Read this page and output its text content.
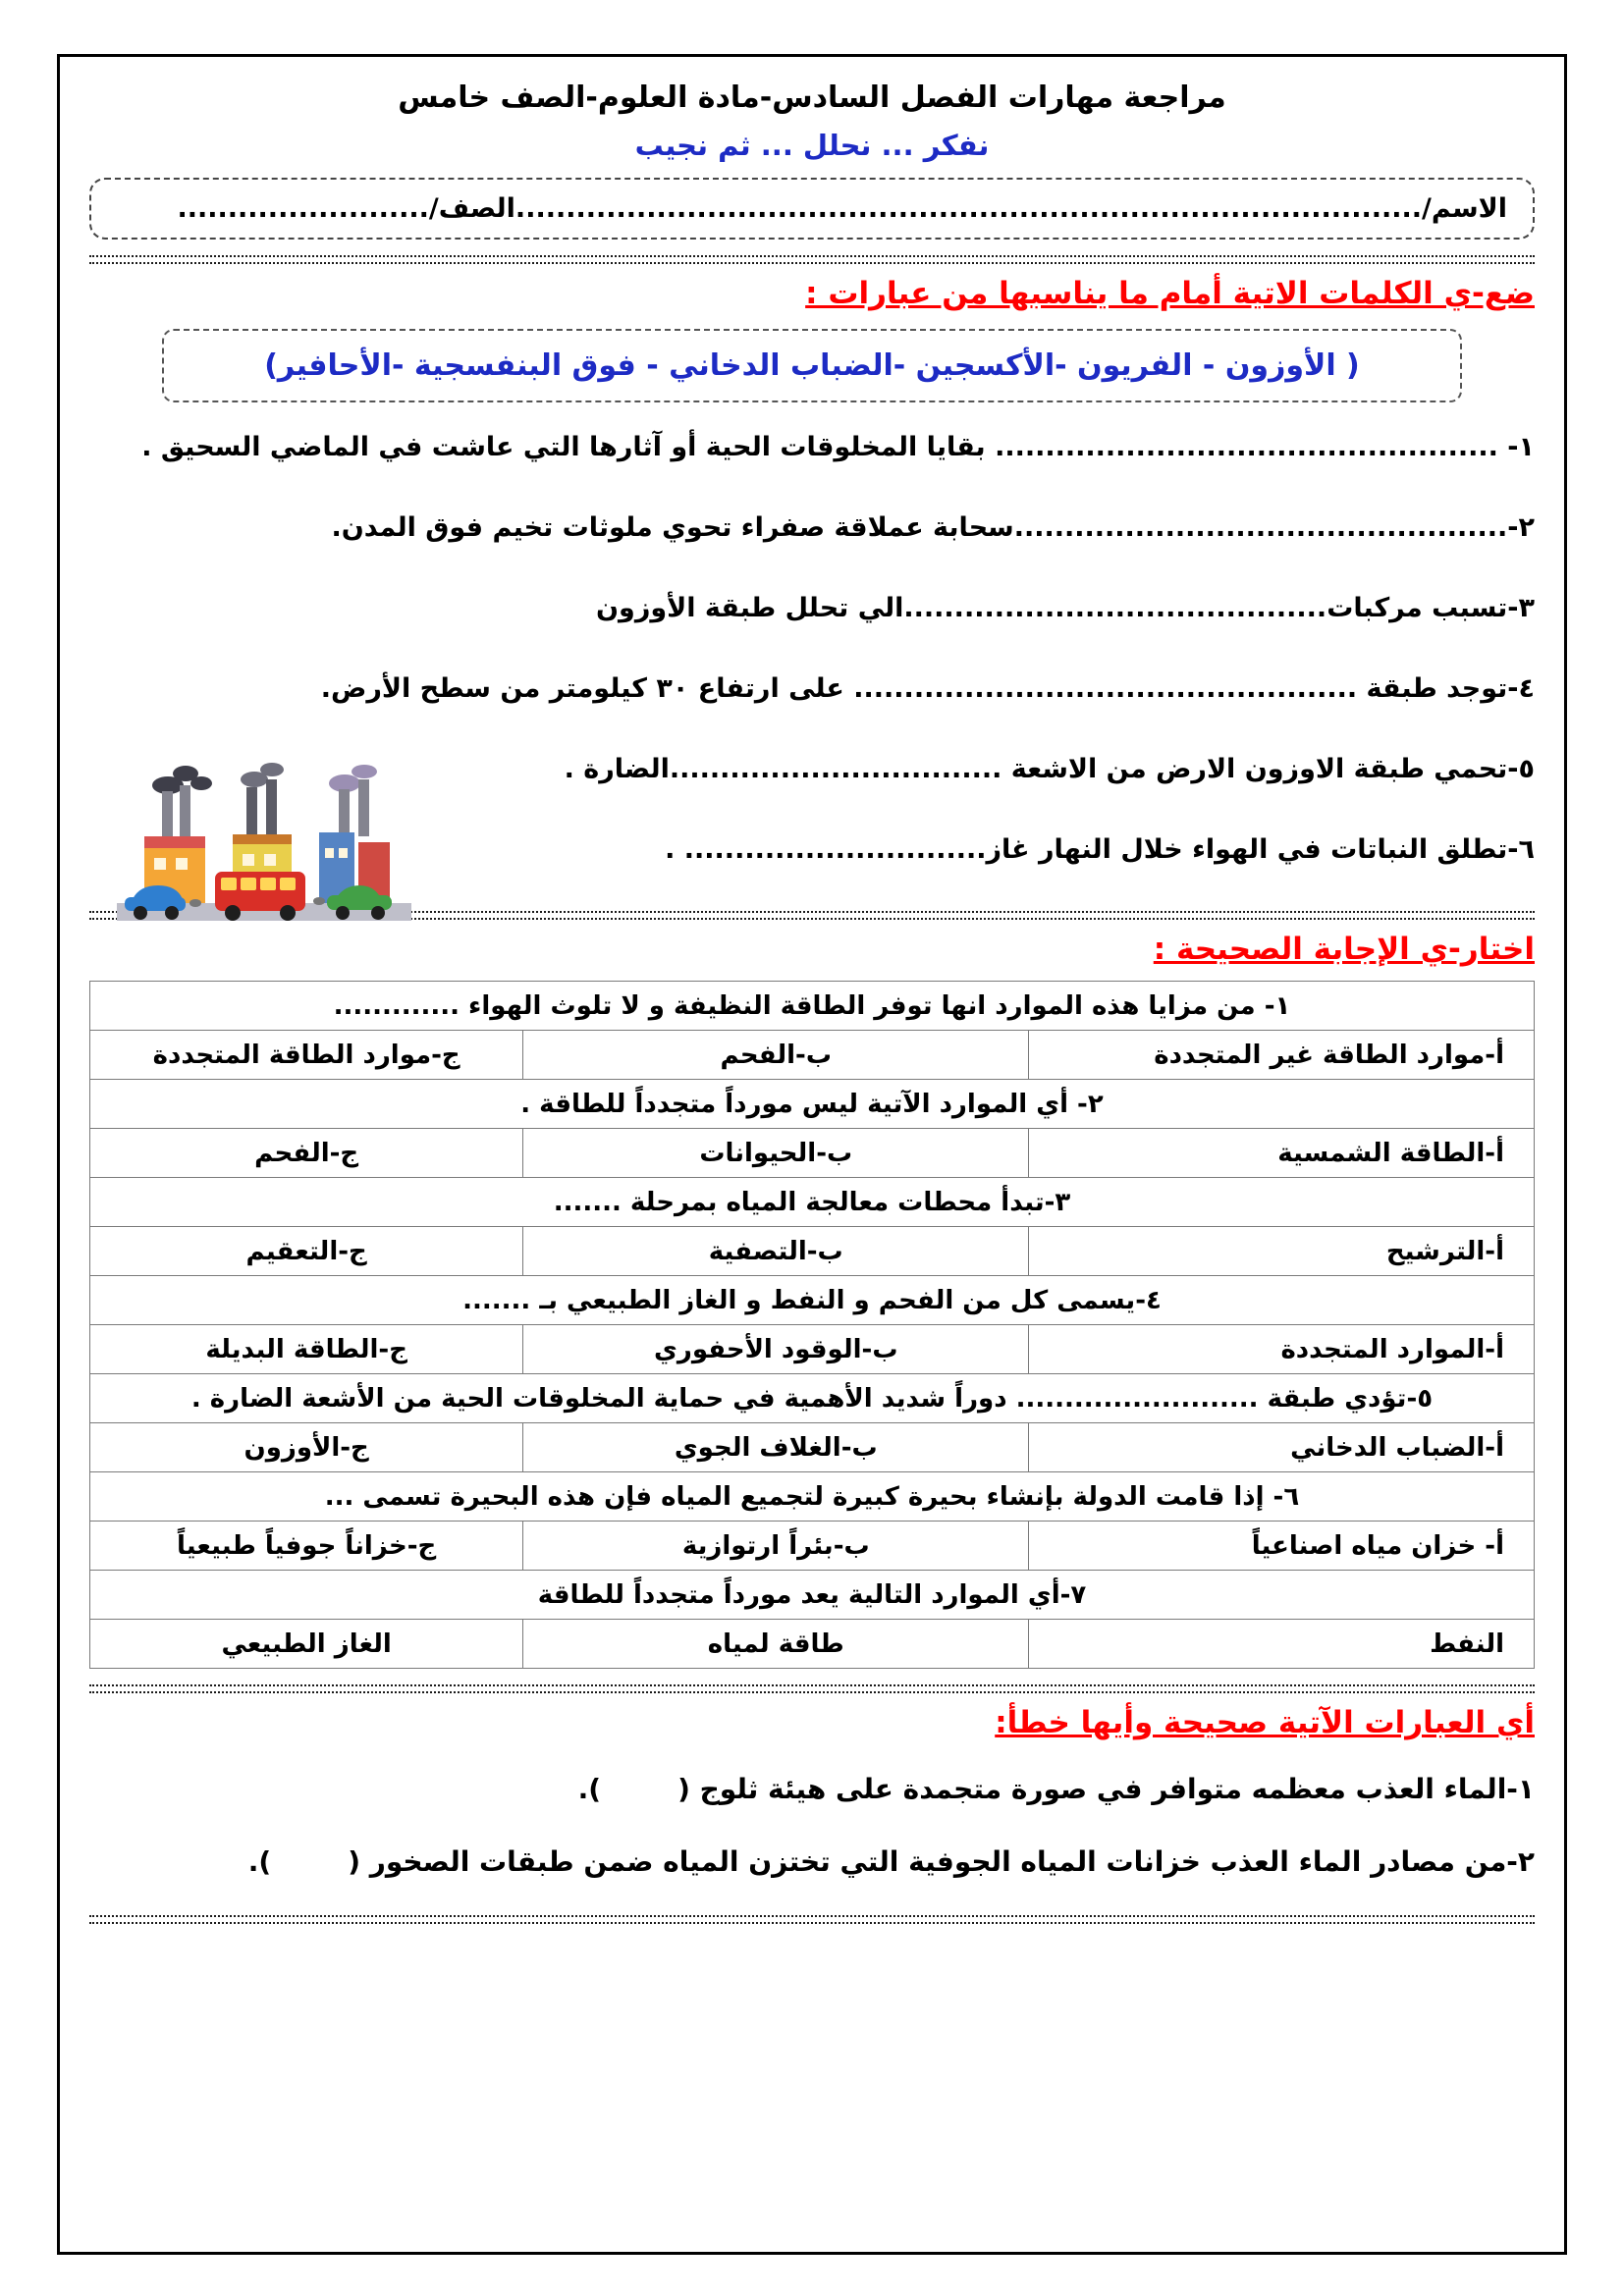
مراجعة مهارات الفصل السادس-مادة العلوم-الصف خامس
نفكر ... نحلل ... ثم نجيب
الاسم/..........................................................................................الصف/.........................
ضع-ي الكلمات الاتية أمام ما يناسبها من عبارات :
( الأوزون - الفريون -الأكسجين -الضباب الدخاني - فوق البنفسجية -الأحافير)
١- .................................................. بقايا المخلوقات الحية أو آثارها التي عاشت في الماضي السحيق .
٢-.................................................سحابة عملاقة صفراء تحوي ملوثات تخيم فوق المدن.
٣-تسبب مركبات..........................................الي تحلل طبقة الأوزون
٤-توجد طبقة .................................................. على ارتفاع ٣٠ كيلومتر من سطح الأرض.
٥-تحمي طبقة الاوزون الارض من الاشعة .................................الضارة .
٦-تطلق النباتات في الهواء خلال النهار غاز.............................. .
اختار-ي الإجابة الصحيحة :
١- من مزايا هذه الموارد انها توفر الطاقة النظيفة و لا تلوث الهواء .............		
أ-موارد الطاقة غير المتجددة	ب-الفحم	ج-موارد الطاقة المتجددة
٢- أي الموارد الآتية ليس مورداً متجدداً للطاقة .		
أ-الطاقة الشمسية	ب-الحيوانات	ج-الفحم
٣-تبدأ محطات معالجة المياه بمرحلة .......		
أ-الترشيح	ب-التصفية	ج-التعقيم
٤-يسمى كل من الفحم و النفط و الغاز الطبيعي بـ .......		
أ-الموارد المتجددة	ب-الوقود الأحفوري	ج-الطاقة البديلة
٥-تؤدي طبقة ......................... دوراً شديد الأهمية في حماية المخلوقات الحية من الأشعة الضارة .		
أ-الضباب الدخاني	ب-الغلاف الجوي	ج-الأوزون
٦- إذا قامت الدولة بإنشاء بحيرة كبيرة لتجميع المياه فإن هذه البحيرة تسمى ...		
أ- خزان مياه اصناعياً	ب-بئراً ارتوازية	ج-خزاناً جوفياً طبيعياً
٧-أي الموارد التالية يعد مورداً متجدداً للطاقة		
النفط	طاقة لمياه	الغاز الطبيعي
أي العبارات الآتية صحيحة وأيها خطأ:
١-الماء العذب معظمه متوافر في صورة متجمدة على هيئة ثلوج (        ).
٢-من مصادر الماء العذب خزانات المياه الجوفية التي تختزن المياه ضمن طبقات الصخور (        ).
